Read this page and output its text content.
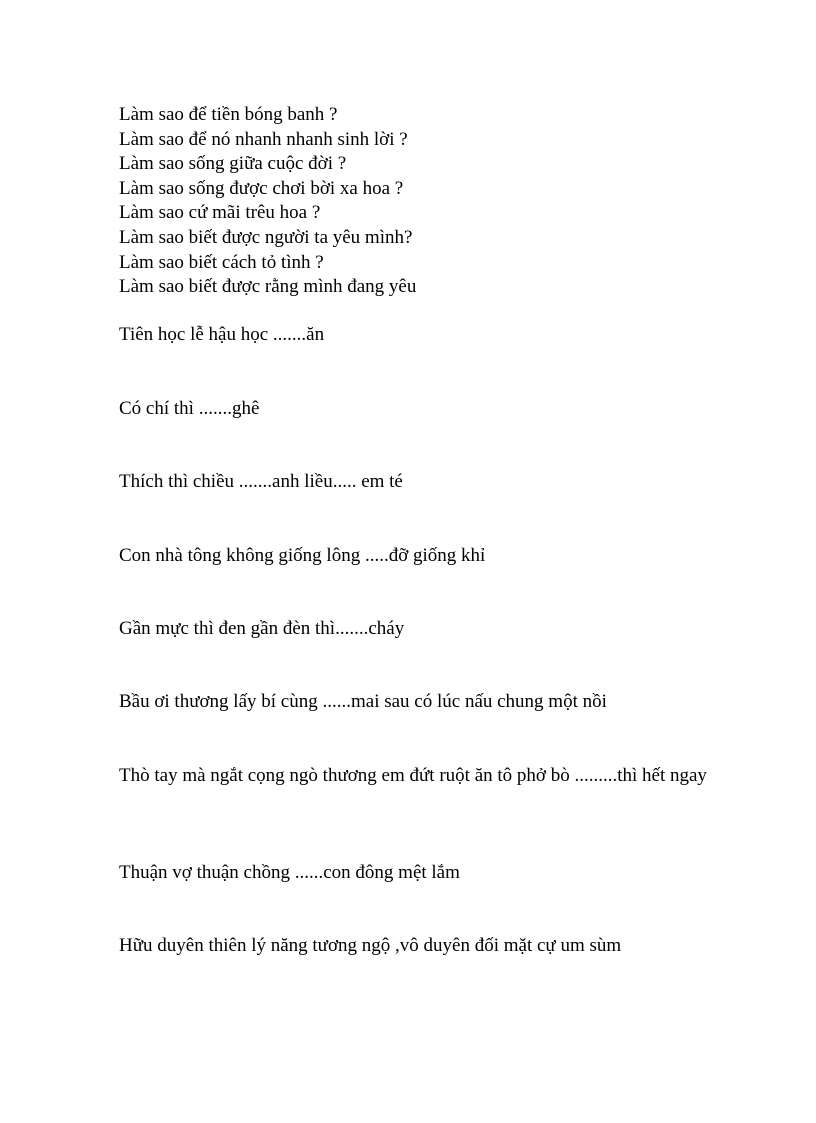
Làm sao để tiền bóng banh ?
Làm sao để nó nhanh nhanh sinh lời ?
Làm sao sống giữa cuộc đời ?
Làm sao sống được chơi bời xa hoa ?
Làm sao cứ mãi trêu hoa ?
Làm sao biết được người ta yêu mình?
Làm sao biết cách tỏ tình ?
Làm sao biết được rằng mình đang yêu

Tiên học lễ hậu học .......ăn

Có chí thì .......ghê

Thích thì chiều .......anh liều..... em té

Con nhà tông không giống lông .....đỡ giống khỉ

Gần mực thì đen gần đèn thì.......cháy

Bầu ơi thương lấy bí cùng ......mai sau có lúc nấu chung một nồi

Thò tay mà ngắt cọng ngò thương em đứt ruột ăn tô phở bò .........thì hết ngay

Thuận vợ thuận chồng ......con đông mệt lắm

Hữu duyên thiên lý năng tương ngộ ,vô duyên đối mặt cự um sùm
